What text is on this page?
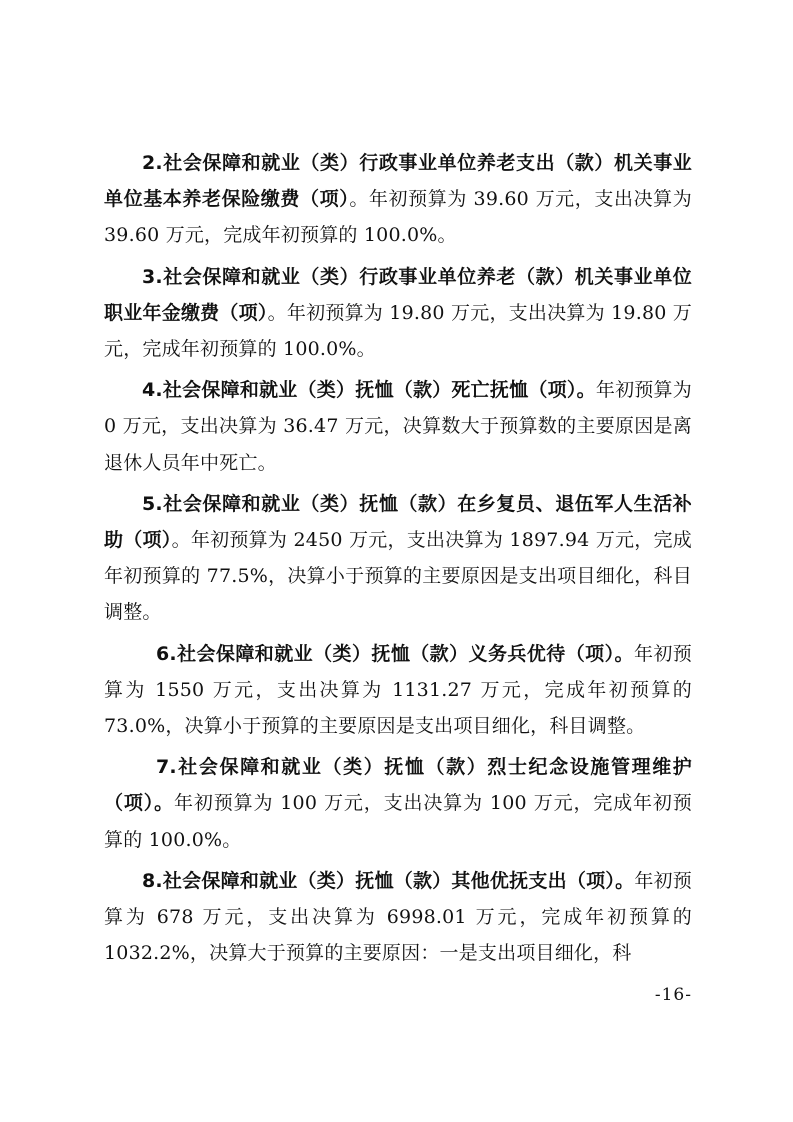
2.社会保障和就业（类）行政事业单位养老支出（款）机关事业单位基本养老保险缴费（项）。年初预算为 39.60 万元，支出决算为 39.60 万元，完成年初预算的 100.0%。

3.社会保障和就业（类）行政事业单位养老（款）机关事业单位职业年金缴费（项）。年初预算为 19.80 万元，支出决算为 19.80 万元，完成年初预算的 100.0%。

4.社会保障和就业（类）抚恤（款）死亡抚恤（项）。年初预算为 0 万元，支出决算为 36.47 万元，决算数大于预算数的主要原因是离退休人员年中死亡。

5.社会保障和就业（类）抚恤（款）在乡复员、退伍军人生活补助（项）。年初预算为 2450 万元，支出决算为 1897.94 万元，完成年初预算的 77.5%，决算小于预算的主要原因是支出项目细化，科目调整。

6.社会保障和就业（类）抚恤（款）义务兵优待（项）。年初预算为 1550 万元，支出决算为 1131.27 万元，完成年初预算的 73.0%，决算小于预算的主要原因是支出项目细化，科目调整。

7.社会保障和就业（类）抚恤（款）烈士纪念设施管理维护（项）。年初预算为 100 万元，支出决算为 100 万元，完成年初预算的 100.0%。

8.社会保障和就业（类）抚恤（款）其他优抚支出（项）。年初预算为 678 万元，支出决算为 6998.01 万元，完成年初预算的 1032.2%，决算大于预算的主要原因：一是支出项目细化，科

-16-
